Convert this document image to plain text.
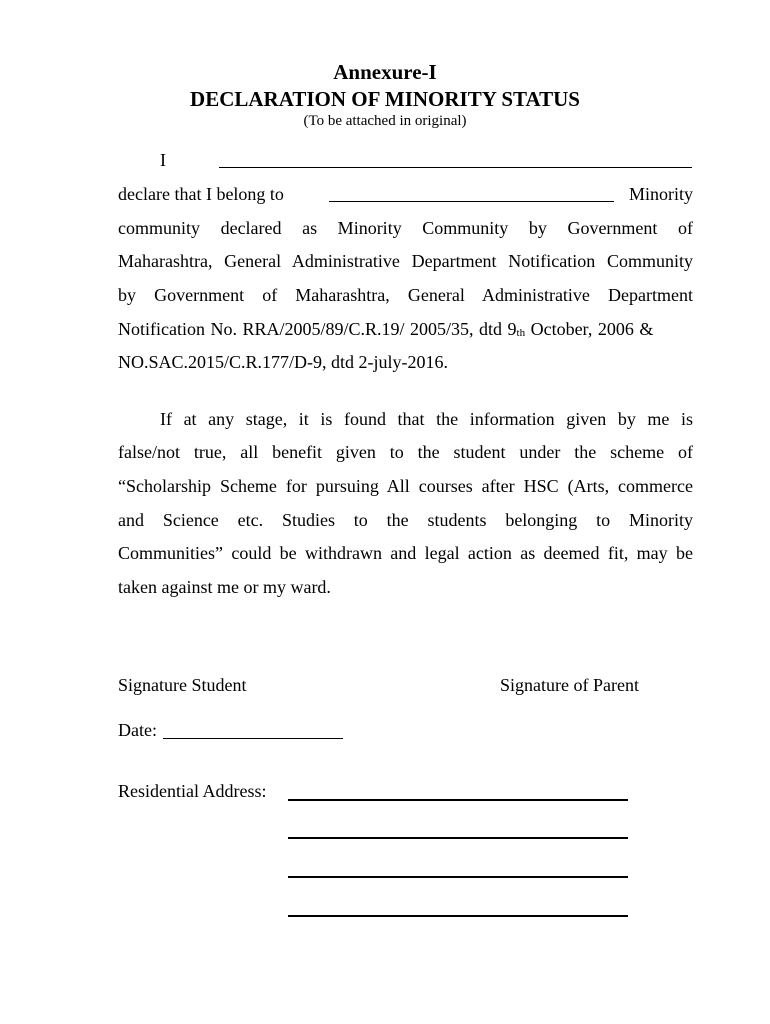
Annexure-I
DECLARATION OF MINORITY STATUS
(To be attached in original)
I
declare that I belong to	Minority
community declared as Minority Community by Government of
Maharashtra, General Administrative Department Notification Community
by Government of Maharashtra, General Administrative Department
Notification No. RRA/2005/89/C.R.19/ 2005/35, dtd 9th October, 2006 &
NO.SAC.2015/C.R.177/D-9, dtd 2-july-2016.
If at any stage, it is found that the information given by me is
false/not true, all benefit given to the student under the scheme of
“Scholarship Scheme for pursuing All courses after HSC (Arts, commerce
and Science etc. Studies to the students belonging to Minority
Communities” could be withdrawn and legal action as deemed fit, may be
taken against me or my ward.
Signature Student	Signature of Parent
Date:
Residential Address:
